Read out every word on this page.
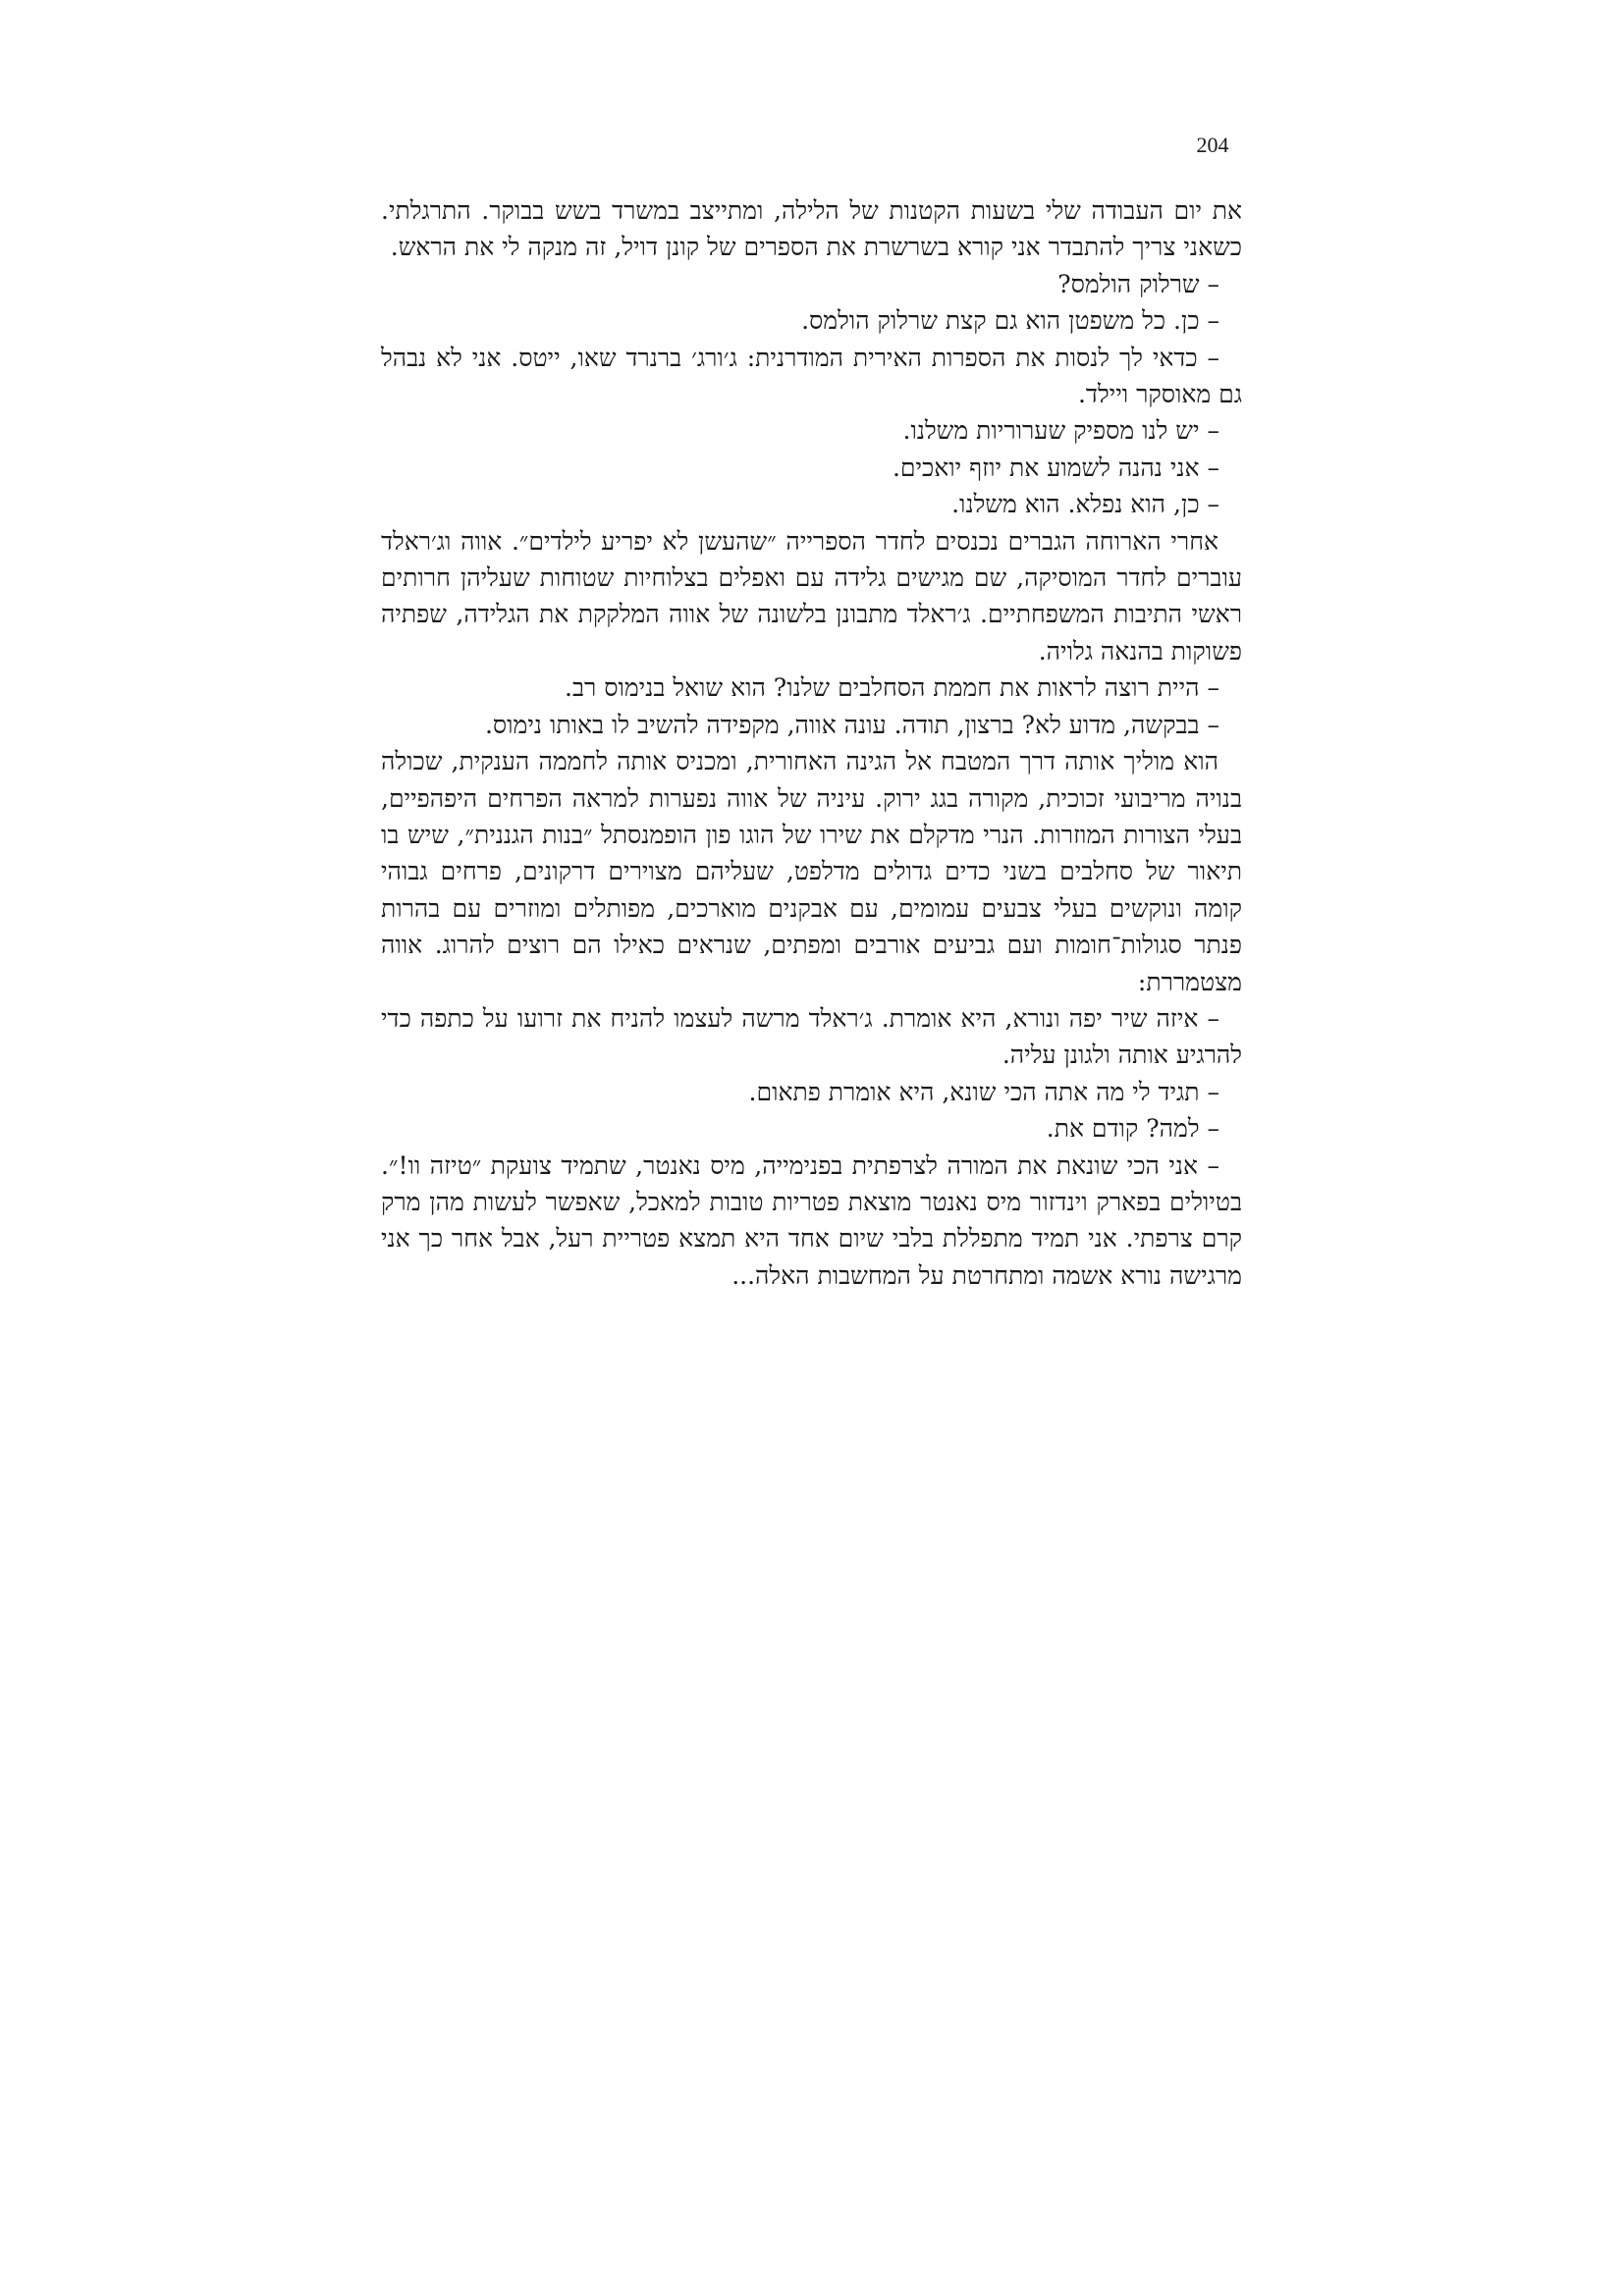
204

את יום העבודה שלי בשעות הקטנות של הלילה, ומתייצב במשרד בשש בבוקר. התרגלתי. כשאני צריך להתבדר אני קורא בשרשרת את הספרים של קונן דויל, זה מנקה לי את הראש.

– שרלוק הולמס?

– כן. כל משפטן הוא גם קצת שרלוק הולמס.

– כדאי לך לנסות את הספרות האירית המודרנית: ג׳ורג׳ ברנרד שאו, ייטס. אני לא נבהל גם מאוסקר ויילד.

– יש לנו מספיק שערוריות משלנו.

– אני נהנה לשמוע את יוזף יואכים.

– כן, הוא נפלא. הוא משלנו.

אחרי הארוחה הגברים נכנסים לחדר הספרייה ״שהעשן לא יפריע לילדים״. אווה וג׳ראלד עוברים לחדר המוסיקה, שם מגישים גלידה עם ואפלים בצלוחיות שטוחות שעליהן חרותים ראשי התיבות המשפחתיים. ג׳ראלד מתבונן בלשונה של אווה המלקקת את הגלידה, שפתיה פשוקות בהנאה גלויה.

– היית רוצה לראות את חממת הסחלבים שלנו? הוא שואל בנימוס רב.

– בבקשה, מדוע לא? ברצון, תודה. עונה אווה, מקפידה להשיב לו באותו נימוס.

הוא מוליך אותה דרך המטבח אל הגינה האחורית, ומכניס אותה לחממה הענקית, שכולה בנויה מריבועי זכוכית, מקורה בגג ירוק. עיניה של אווה נפערות למראה הפרחים היפהפיים, בעלי הצורות המוזרות. הנרי מדקלם את שירו של הוגו פון הופמנסתל ״בנות הגננית״, שיש בו תיאור של סחלבים בשני כדים גדולים מדלפט, שעליהם מצוירים דרקונים, פרחים גבוהי קומה ונוקשים בעלי צבעים עמומים, עם אבקנים מוארכים, מפותלים ומוזרים עם בהרות פנתר סגולות־חומות ועם גביעים אורבים ומפתים, שנראים כאילו הם רוצים להרוג. אווה מצטמררת:

– איזה שיר יפה ונורא, היא אומרת. ג׳ראלד מרשה לעצמו להניח את זרועו על כתפה כדי להרגיע אותה ולגונן עליה.

– תגיד לי מה אתה הכי שונא, היא אומרת פתאום.

– למה? קודם את.

– אני הכי שונאת את המורה לצרפתית בפנימייה, מיס נאנטר, שתמיד צועקת ״טיזה וו!״. בטיולים בפארק וינדזור מיס נאנטר מוצאת פטריות טובות למאכל, שאפשר לעשות מהן מרק קרם צרפתי. אני תמיד מתפללת בלבי שיום אחד היא תמצא פטריית רעל, אבל אחר כך אני מרגישה נורא אשמה ומתחרטת על המחשבות האלה...
